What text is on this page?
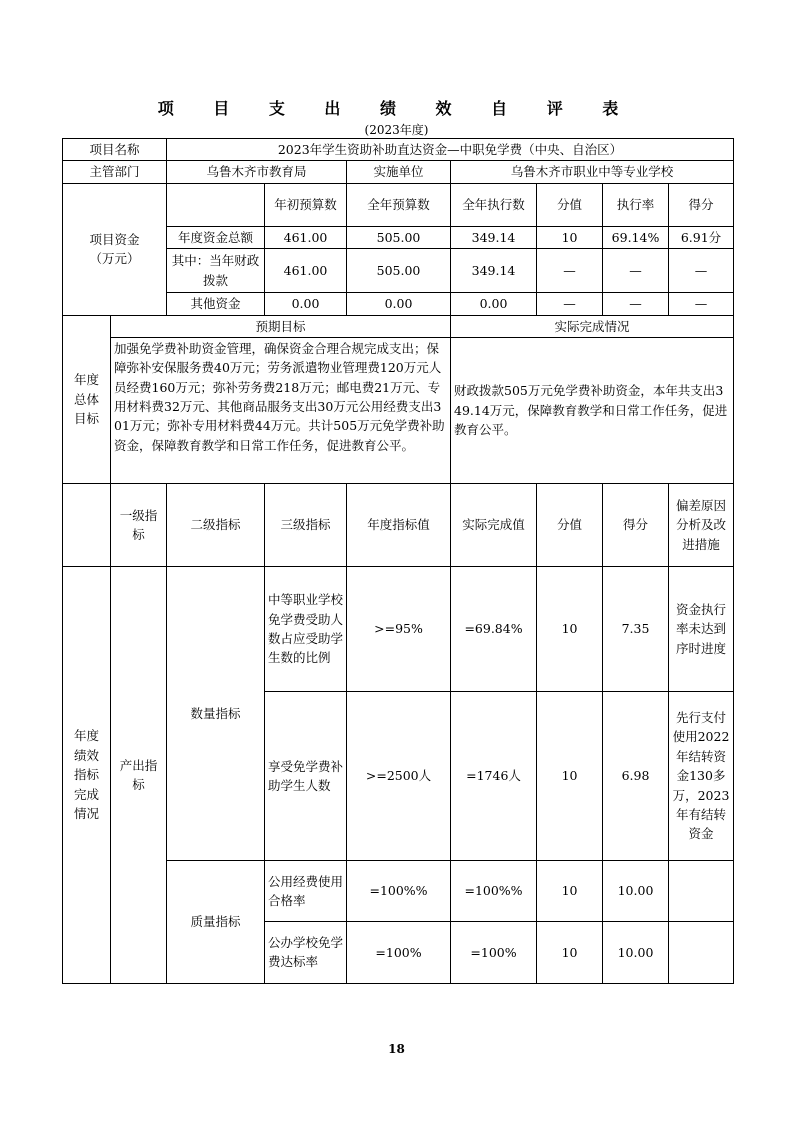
项 目 支 出 绩 效 自 评 表
(2023年度)
项目名称		2023年学生资助补助直达资金—中职免学费（中央、自治区）						
主管部门		乌鲁木齐市教育局		实施单位	乌鲁木齐市职业中等专业学校			
项目资金
（万元）			年初预算数	全年预算数	全年执行数	分值	执行率	得分
		年度资金总额	461.00	505.00	349.14	10	69.14%	6.91分
		其中：当年财政拨款	461.00	505.00	349.14	—	—	—
		其他资金	0.00	0.00	0.00	—	—	—
年度
总体
目标	预期目标				实际完成情况			
	加强免学费补助资金管理，确保资金合理合规完成支出；保障弥补安保服务费40万元；劳务派遣物业管理费120万元人员经费160万元；弥补劳务费218万元；邮电费21万元、专用材料费32万元、其他商品服务支出30万元公用经费支出301万元；弥补专用材料费44万元。共计505万元免学费补助资金，保障教育教学和日常工作任务，促进教育公平。				财政拨款505万元免学费补助资金，本年共支出349.14万元，保障教育教学和日常工作任务，促进教育公平。			
	一级指标	二级指标	三级指标	年度指标值	实际完成值	分值	得分	偏差原因分析及改进措施
年度
绩效
指标
完成
情况	产出指标	数量指标	中等职业学校免学费受助人数占应受助学生数的比例	>=95%	=69.84%	10	7.35	资金执行率未达到序时进度
			享受免学费补助学生人数	>=2500人	=1746人	10	6.98	先行支付使用2022年结转资金130多万，2023年有结转资金
		质量指标	公用经费使用合格率	=100%%	=100%%	10	10.00	
			公办学校免学费达标率	=100%	=100%	10	10.00	
18
